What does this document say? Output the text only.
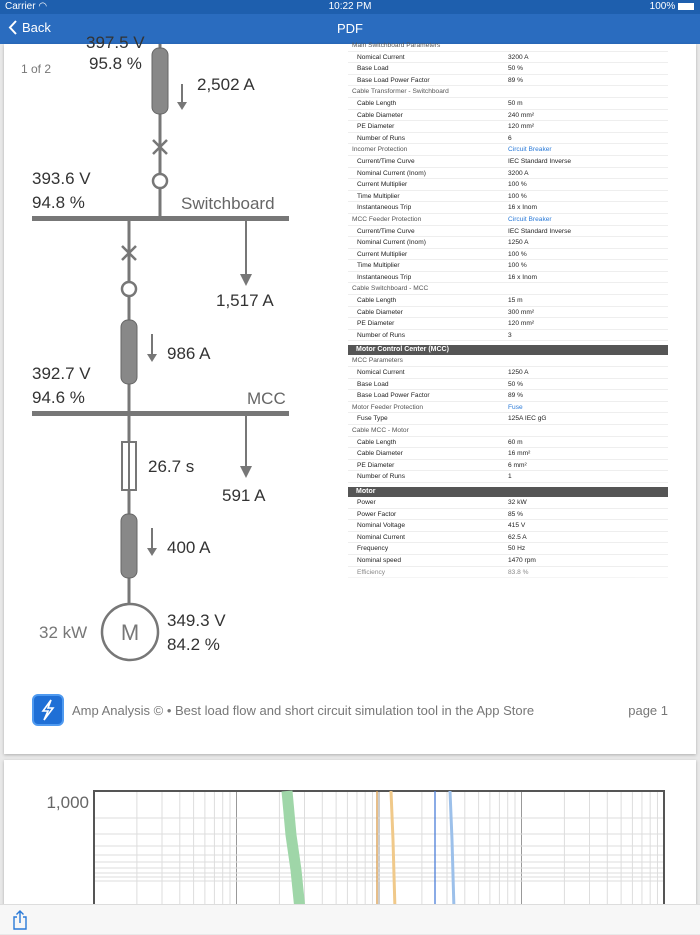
Carrier ◠	10:22 PM	100%
Back	PDF
1 of 2
397.5 V
95.8 %
2,502 A
393.6 V
94.8 %	Switchboard
1,517 A
986 A
392.7 V
94.6 %	MCC
591 A
26.7 s
400 A
M
32 kW
349.3 V
84.2 %
Main Switchboard Parameters
Nomical Current	3200 A
Base Load	50 %
Base Load Power Factor	89 %
Cable Transformer - Switchboard
Cable Length	50 m
Cable Diameter	240 mm²
PE Diameter	120 mm²
Number of Runs	6
Incomer Protection	Circuit Breaker
Current/Time Curve	IEC Standard Inverse
Nominal Current (Inom)	3200 A
Current Multiplier	100 %
Time Multiplier	100 %
Instantaneous Trip	16 x Inom
MCC Feeder Protection	Circuit Breaker
Current/Time Curve	IEC Standard Inverse
Nominal Current (Inom)	1250 A
Current Multiplier	100 %
Time Multiplier	100 %
Instantaneous Trip	16 x Inom
Cable Switchboard - MCC
Cable Length	15 m
Cable Diameter	300 mm²
PE Diameter	120 mm²
Number of Runs	3
Motor Control Center (MCC)
MCC Parameters
Nomical Current	1250 A
Base Load	50 %
Base Load Power Factor	89 %
Motor Feeder Protection	Fuse
Fuse Type	125A IEC gG
Cable MCC - Motor
Cable Length	60 m
Cable Diameter	16 mm²
PE Diameter	6 mm²
Number of Runs	1
Motor
Power	32 kW
Power Factor	85 %
Nominal Voltage	415 V
Nominal Current	62.5 A
Frequency	50 Hz
Nominal speed	1470 rpm
Efficiency	83.8 %
Amp Analysis © • Best load flow and short circuit simulation tool in the App Store	page 1
1,000
